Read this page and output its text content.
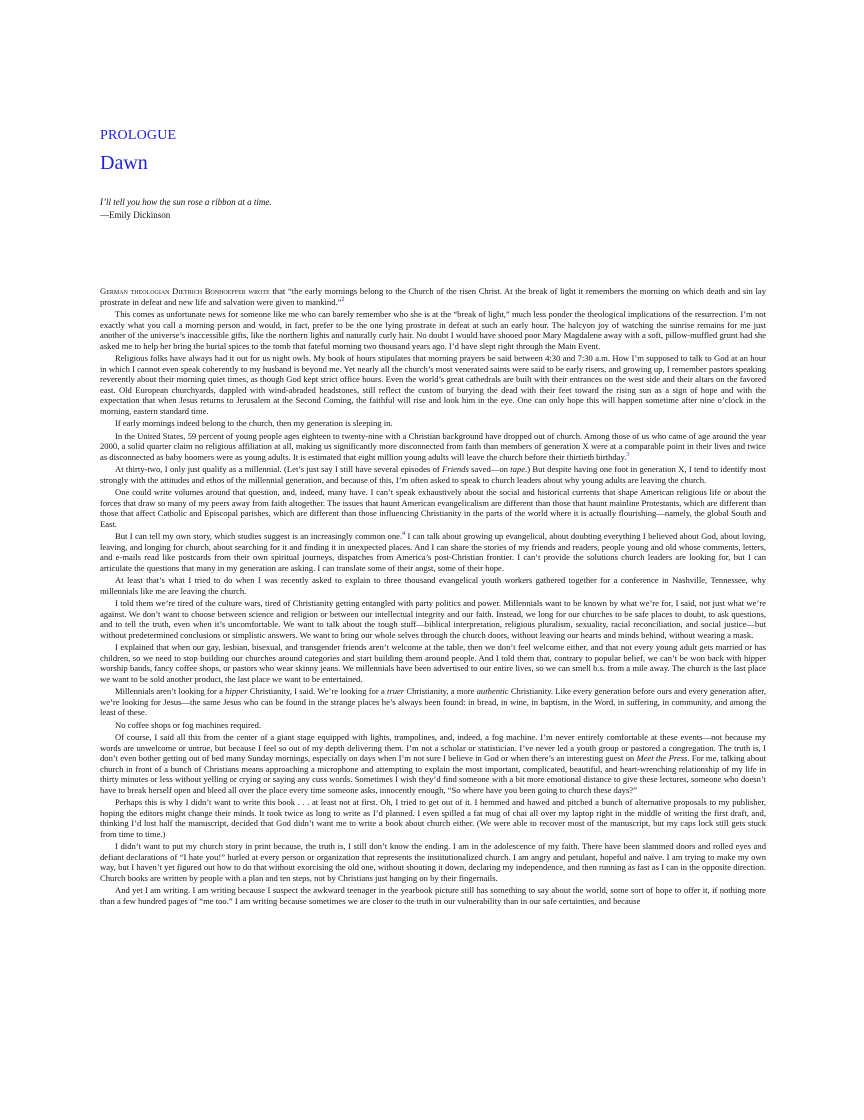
PROLOGUE
Dawn
I’ll tell you how the sun rose a ribbon at a time.
—Emily Dickinson

German theologian Dietrich Bonhoeffer wrote that “the early mornings belong to the Church of the risen Christ. At the break of light it remembers the morning on which death and sin lay prostrate in defeat and new life and salvation were given to mankind.”$^2$

This comes as unfortunate news for someone like me who can barely remember who she is at the “break of light,” much less ponder the theological implications of the resurrection. I’m not exactly what you call a morning person and would, in fact, prefer to be the one lying prostrate in defeat at such an early hour. The halcyon joy of watching the sunrise remains for me just another of the universe’s inaccessible gifts, like the northern lights and naturally curly hair. No doubt I would have shooed poor Mary Magdalene away with a soft, pillow-muffled grunt had she asked me to help her bring the burial spices to the tomb that fateful morning two thousand years ago. I’d have slept right through the Main Event.

Religious folks have always had it out for us night owls. My book of hours stipulates that morning prayers be said between 4:30 and 7:30 a.m. How I’m supposed to talk to God at an hour in which I cannot even speak coherently to my husband is beyond me. Yet nearly all the church’s most venerated saints were said to be early risers, and growing up, I remember pastors speaking reverently about their morning quiet times, as though God kept strict office hours. Even the world’s great cathedrals are built with their entrances on the west side and their altars on the favored east. Old European churchyards, dappled with wind-abraded headstones, still reflect the custom of burying the dead with their feet toward the rising sun as a sign of hope and with the expectation that when Jesus returns to Jerusalem at the Second Coming, the faithful will rise and look him in the eye. One can only hope this will happen sometime after nine o’clock in the morning, eastern standard time.

If early mornings indeed belong to the church, then my generation is sleeping in.

In the United States, 59 percent of young people ages eighteen to twenty-nine with a Christian background have dropped out of church. Among those of us who came of age around the year 2000, a solid quarter claim no religious affiliation at all, making us significantly more disconnected from faith than members of generation X were at a comparable point in their lives and twice as disconnected as baby boomers were as young adults. It is estimated that eight million young adults will leave the church before their thirtieth birthday.$^3$

At thirty-two, I only just qualify as a millennial. (Let’s just say I still have several episodes of Friends saved—on tape.) But despite having one foot in generation X, I tend to identify most strongly with the attitudes and ethos of the millennial generation, and because of this, I’m often asked to speak to church leaders about why young adults are leaving the church.

One could write volumes around that question, and, indeed, many have. I can’t speak exhaustively about the social and historical currents that shape American religious life or about the forces that draw so many of my peers away from faith altogether. The issues that haunt American evangelicalism are different than those that haunt mainline Protestants, which are different than those that affect Catholic and Episcopal parishes, which are different than those influencing Christianity in the parts of the world where it is actually flourishing—namely, the global South and East.

But I can tell my own story, which studies suggest is an increasingly common one.$^4$ I can talk about growing up evangelical, about doubting everything I believed about God, about loving, leaving, and longing for church, about searching for it and finding it in unexpected places. And I can share the stories of my friends and readers, people young and old whose comments, letters, and e-mails read like postcards from their own spiritual journeys, dispatches from America’s post-Christian frontier. I can’t provide the solutions church leaders are looking for, but I can articulate the questions that many in my generation are asking. I can translate some of their angst, some of their hope.

At least that’s what I tried to do when I was recently asked to explain to three thousand evangelical youth workers gathered together for a conference in Nashville, Tennessee, why millennials like me are leaving the church.

I told them we’re tired of the culture wars, tired of Christianity getting entangled with party politics and power. Millennials want to be known by what we’re for, I said, not just what we’re against. We don’t want to choose between science and religion or between our intellectual integrity and our faith. Instead, we long for our churches to be safe places to doubt, to ask questions, and to tell the truth, even when it’s uncomfortable. We want to talk about the tough stuff—biblical interpretation, religious pluralism, sexuality, racial reconciliation, and social justice—but without predetermined conclusions or simplistic answers. We want to bring our whole selves through the church doors, without leaving our hearts and minds behind, without wearing a mask.

I explained that when our gay, lesbian, bisexual, and transgender friends aren’t welcome at the table, then we don’t feel welcome either, and that not every young adult gets married or has children, so we need to stop building our churches around categories and start building them around people. And I told them that, contrary to popular belief, we can’t be won back with hipper worship bands, fancy coffee shops, or pastors who wear skinny jeans. We millennials have been advertised to our entire lives, so we can smell b.s. from a mile away. The church is the last place we want to be sold another product, the last place we want to be entertained.

Millennials aren’t looking for a hipper Christianity, I said. We’re looking for a truer Christianity, a more authentic Christianity. Like every generation before ours and every generation after, we’re looking for Jesus—the same Jesus who can be found in the strange places he’s always been found: in bread, in wine, in baptism, in the Word, in suffering, in community, and among the least of these.

No coffee shops or fog machines required.

Of course, I said all this from the center of a giant stage equipped with lights, trampolines, and, indeed, a fog machine. I’m never entirely comfortable at these events—not because my words are unwelcome or untrue, but because I feel so out of my depth delivering them. I’m not a scholar or statistician. I’ve never led a youth group or pastored a congregation. The truth is, I don’t even bother getting out of bed many Sunday mornings, especially on days when I’m not sure I believe in God or when there’s an interesting guest on Meet the Press. For me, talking about church in front of a bunch of Christians means approaching a microphone and attempting to explain the most important, complicated, beautiful, and heart-wrenching relationship of my life in thirty minutes or less without yelling or crying or saying any cuss words. Sometimes I wish they’d find someone with a bit more emotional distance to give these lectures, someone who doesn’t have to break herself open and bleed all over the place every time someone asks, innocently enough, “So where have you been going to church these days?”

Perhaps this is why I didn’t want to write this book . . . at least not at first. Oh, I tried to get out of it. I hemmed and hawed and pitched a bunch of alternative proposals to my publisher, hoping the editors might change their minds. It took twice as long to write as I’d planned. I even spilled a fat mug of chai all over my laptop right in the middle of writing the first draft, and, thinking I’d lost half the manuscript, decided that God didn’t want me to write a book about church either. (We were able to recover most of the manuscript, but my caps lock still gets stuck from time to time.)

I didn’t want to put my church story in print because, the truth is, I still don’t know the ending. I am in the adolescence of my faith. There have been slammed doors and rolled eyes and defiant declarations of “I hate you!” hurled at every person or organization that represents the institutionalized church. I am angry and petulant, hopeful and naïve. I am trying to make my own way, but I haven’t yet figured out how to do that without exorcising the old one, without shouting it down, declaring my independence, and then running as fast as I can in the opposite direction. Church books are written by people with a plan and ten steps, not by Christians just hanging on by their fingernails.

And yet I am writing. I am writing because I suspect the awkward teenager in the yearbook picture still has something to say about the world, some sort of hope to offer it, if nothing more than a few hundred pages of “me too.” I am writing because sometimes we are closer to the truth in our vulnerability than in our safe certainties, and because
